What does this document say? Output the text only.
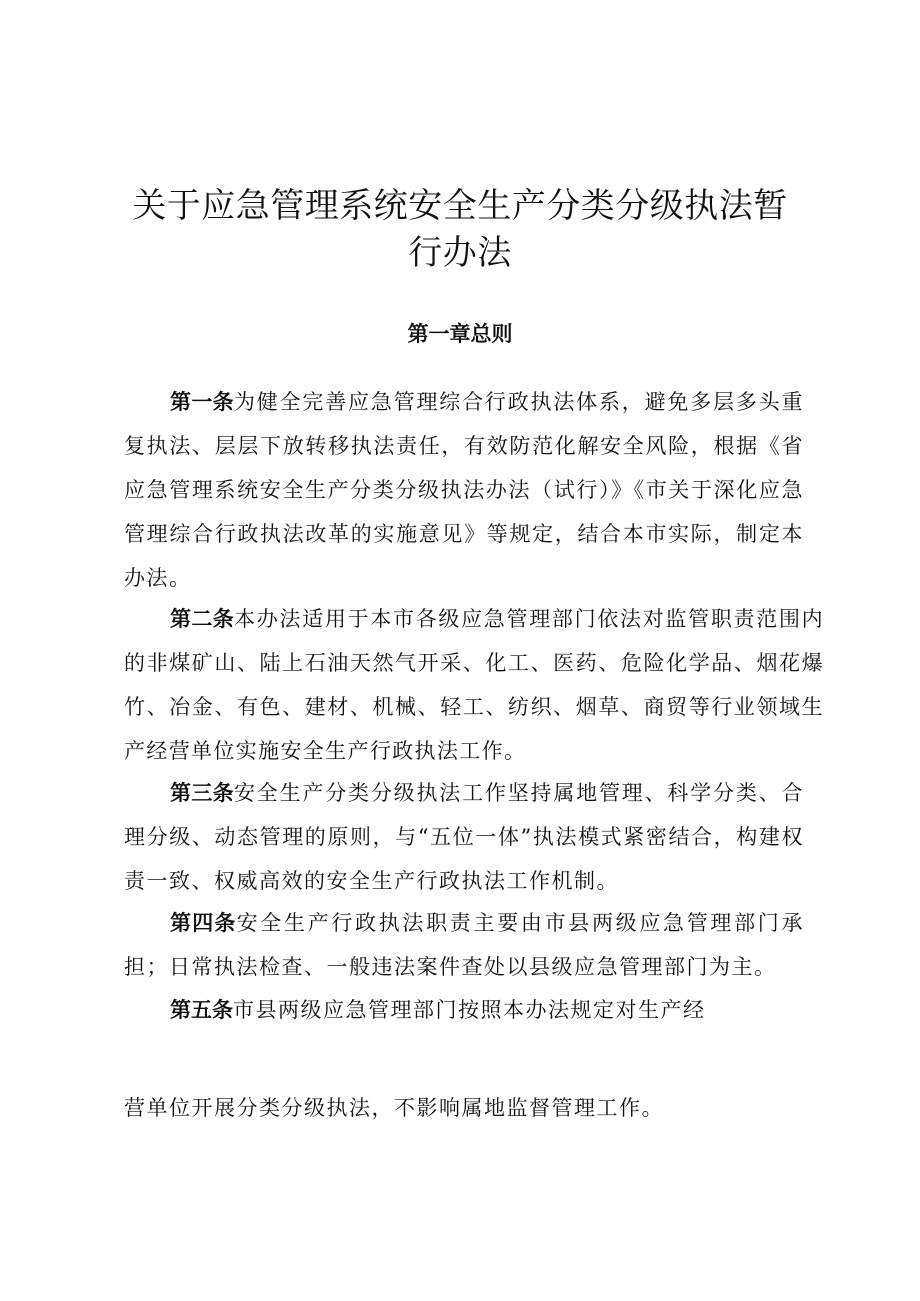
关于应急管理系统安全生产分类分级执法暂行办法
第一章总则

第一条为健全完善应急管理综合行政执法体系，避免多层多头重复执法、层层下放转移执法责任，有效防范化解安全风险，根据《省应急管理系统安全生产分类分级执法办法（试行）》《市关于深化应急管理综合行政执法改革的实施意见》等规定，结合本市实际，制定本办法。

第二条本办法适用于本市各级应急管理部门依法对监管职责范围内的非煤矿山、陆上石油天然气开采、化工、医药、危险化学品、烟花爆竹、冶金、有色、建材、机械、轻工、纺织、烟草、商贸等行业领域生产经营单位实施安全生产行政执法工作。

第三条安全生产分类分级执法工作坚持属地管理、科学分类、合理分级、动态管理的原则，与“五位一体”执法模式紧密结合，构建权责一致、权威高效的安全生产行政执法工作机制。

第四条安全生产行政执法职责主要由市县两级应急管理部门承担；日常执法检查、一般违法案件查处以县级应急管理部门为主。

第五条市县两级应急管理部门按照本办法规定对生产经

营单位开展分类分级执法，不影响属地监督管理工作。
